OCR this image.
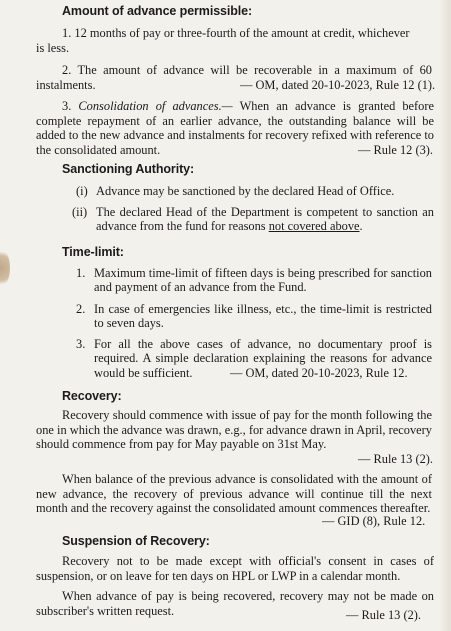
Amount of advance permissible:
1. 12 months of pay or three-fourth of the amount at credit, whichever
is less.
2. The amount of advance will be recoverable in a maximum of 60 instalments.	— OM, dated 20-10-2023, Rule 12 (1).
3. Consolidation of advances.— When an advance is granted before complete repayment of an earlier advance, the outstanding balance will be added to the new advance and instalments for recovery refixed with reference to the consolidated amount.	— Rule 12 (3).
Sanctioning Authority:
(i) Advance may be sanctioned by the declared Head of Office.
(ii) The declared Head of the Department is competent to sanction an advance from the fund for reasons not covered above.
Time-limit:
1. Maximum time-limit of fifteen days is being prescribed for sanction and payment of an advance from the Fund.
2. In case of emergencies like illness, etc., the time-limit is restricted to seven days.
3. For all the above cases of advance, no documentary proof is required. A simple declaration explaining the reasons for advance would be sufficient.	— OM, dated 20-10-2023, Rule 12.
Recovery:
Recovery should commence with issue of pay for the month following the one in which the advance was drawn, e.g., for advance drawn in April, recovery should commence from pay for May payable on 31st May.
— Rule 13 (2).
When balance of the previous advance is consolidated with the amount of new advance, the recovery of previous advance will continue till the next month and the recovery against the consolidated amount commences thereafter.
— GID (8), Rule 12.
Suspension of Recovery:
Recovery not to be made except with official's consent in cases of suspension, or on leave for ten days on HPL or LWP in a calendar month.
When advance of pay is being recovered, recovery may not be made on subscriber's written request.	— Rule 13 (2).
